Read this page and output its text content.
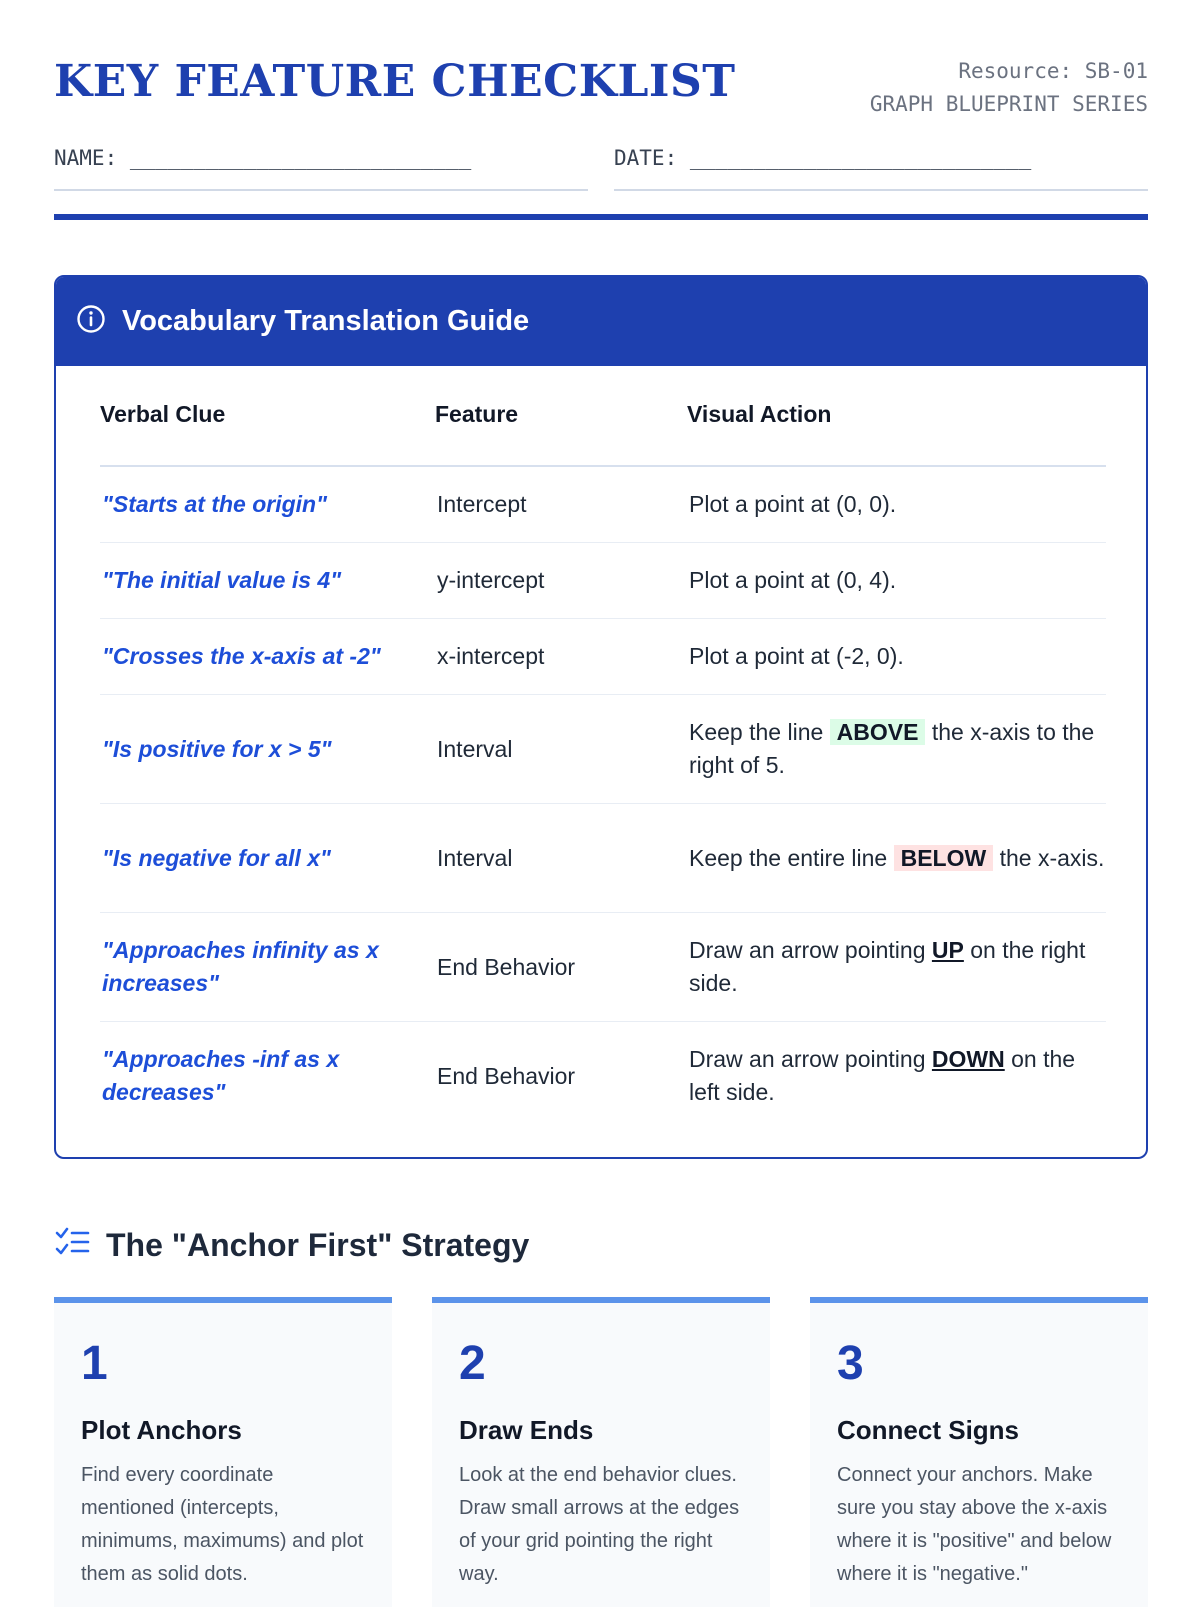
KEY FEATURE CHECKLIST	Resource: SB-01
GRAPH BLUEPRINT SERIES
NAME: ___________________________	DATE: ___________________________
Vocabulary Translation Guide
Verbal Clue	Feature	Visual Action
"Starts at the origin"	Intercept	Plot a point at (0, 0).
"The initial value is 4"	y-intercept	Plot a point at (0, 4).
"Crosses the x-axis at -2"	x-intercept	Plot a point at (-2, 0).
"Is positive for x > 5"	Interval	Keep the line ABOVE the x-axis to the right of 5.
"Is negative for all x"	Interval	Keep the entire line BELOW the x-axis.
"Approaches infinity as x increases"	End Behavior	Draw an arrow pointing UP on the right side.
"Approaches -inf as x decreases"	End Behavior	Draw an arrow pointing DOWN on the left side.
The "Anchor First" Strategy
1
Plot Anchors
Find every coordinate mentioned (intercepts, minimums, maximums) and plot them as solid dots.
2
Draw Ends
Look at the end behavior clues. Draw small arrows at the edges of your grid pointing the right way.
3
Connect Signs
Connect your anchors. Make sure you stay above the x-axis where it is "positive" and below where it is "negative."
